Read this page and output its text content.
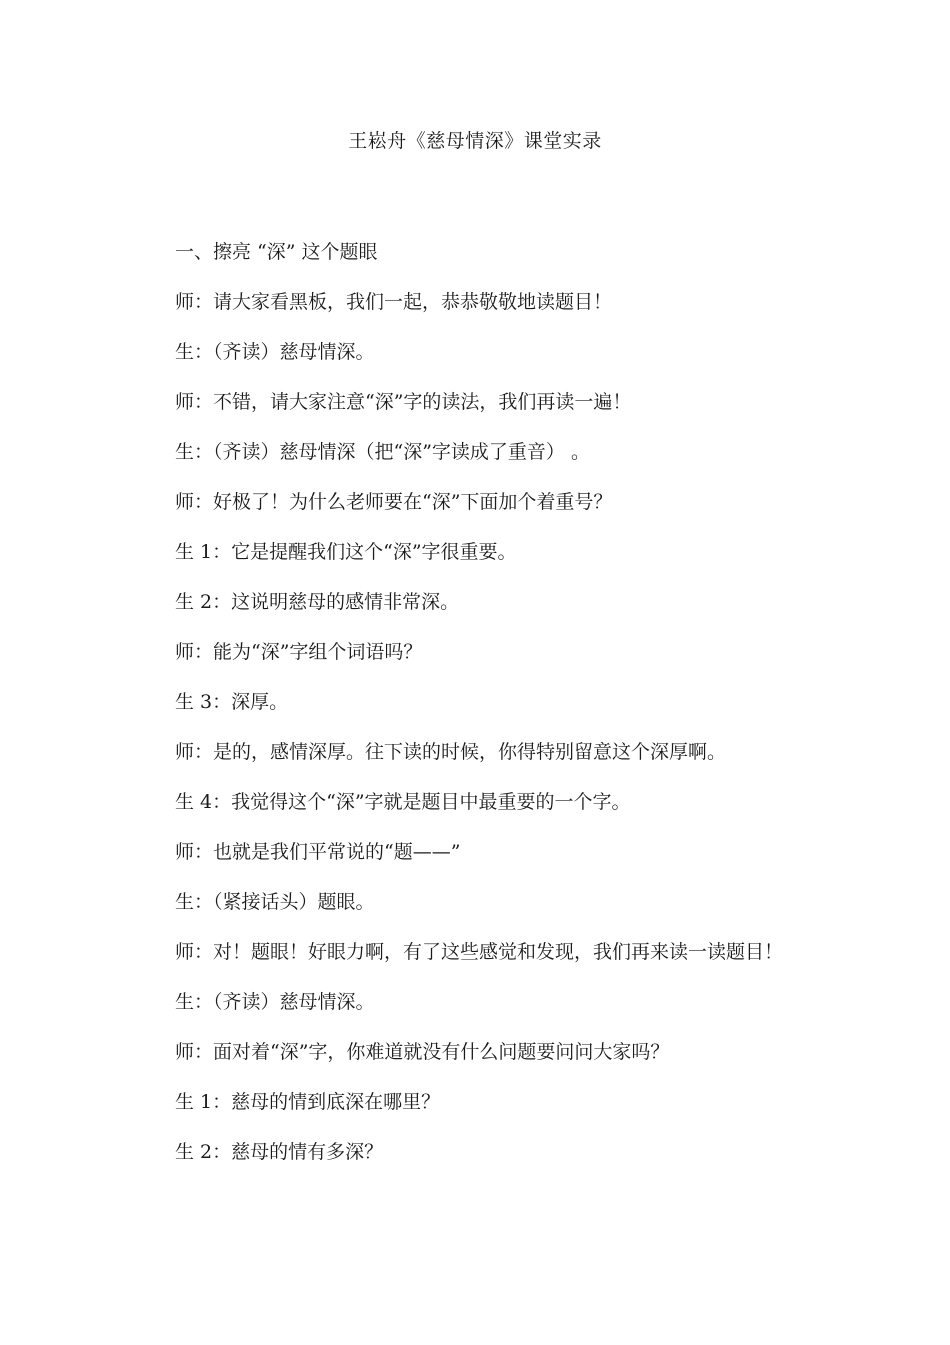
王崧舟《慈母情深》课堂实录

一、擦亮 “深” 这个题眼

师：请大家看黑板，我们一起，恭恭敬敬地读题目！

生：（齐读）慈母情深。

师：不错，请大家注意“深”字的读法，我们再读一遍！

生：（齐读）慈母情深（把“深”字读成了重音） 。

师：好极了！为什么老师要在“深”下面加个着重号？

生 1：它是提醒我们这个“深”字很重要。

生 2：这说明慈母的感情非常深。

师：能为“深”字组个词语吗？

生 3：深厚。

师：是的，感情深厚。往下读的时候，你得特别留意这个深厚啊。

生 4：我觉得这个“深”字就是题目中最重要的一个字。

师：也就是我们平常说的“题——”

生：（紧接话头）题眼。

师：对！题眼！好眼力啊，有了这些感觉和发现，我们再来读一读题目！

生：（齐读）慈母情深。

师：面对着“深”字，你难道就没有什么问题要问问大家吗？

生 1：慈母的情到底深在哪里？

生 2：慈母的情有多深？
